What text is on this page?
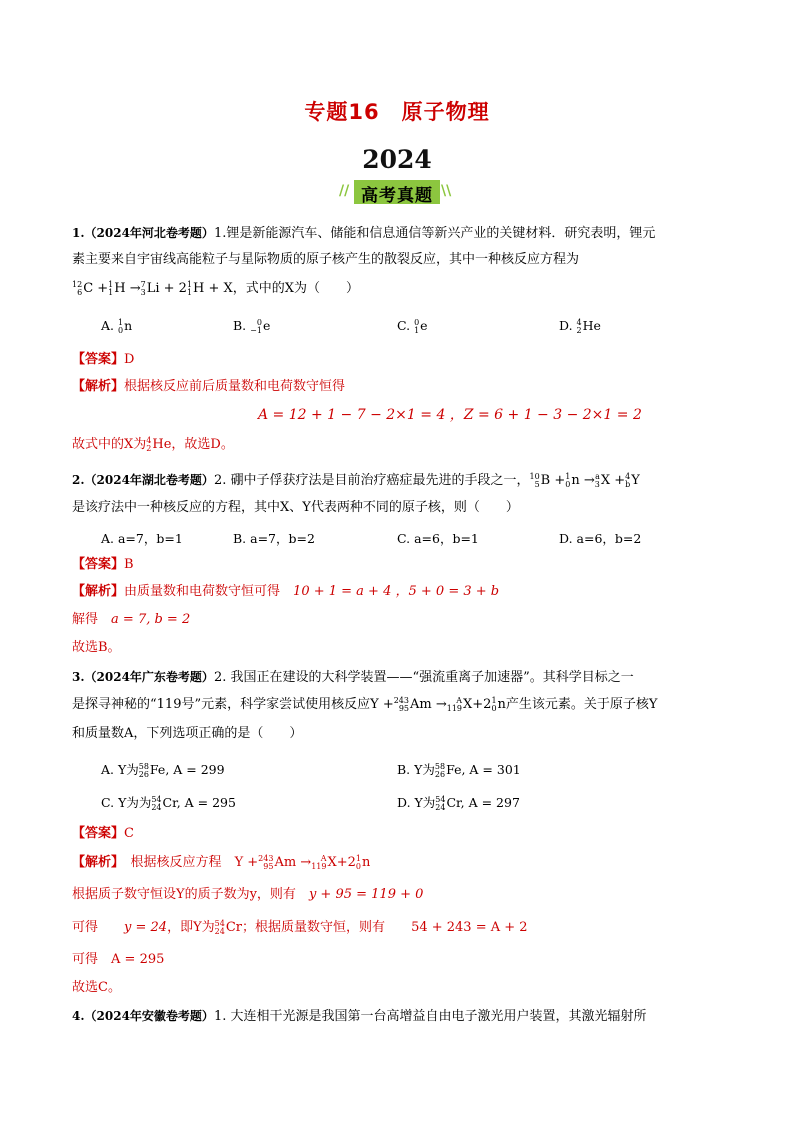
专题16　原子物理
2024
// 高考真题 \\
1.（2024年河北卷考题）1.锂是新能源汽车、储能和信息通信等新兴产业的关键材料．研究表明，锂元
素主要来自宇宙线高能粒子与星际物质的原子核产生的散裂反应，其中一种核反应方程为
12
6 C + 1
1 H → 7
3 Li + 2 1
1 H + X，式中的X为（　　）
A. 1
0 n	B.	0
−1 e	C. 0
1 e	D. 4
2 He
【答案】D
【解析】根据核反应前后质量数和电荷数守恒得
A = 12 + 1 − 7 − 2×1 = 4 ，Z = 6 + 1 − 3 − 2×1 = 2
故式中的X为 4
2 He，故选D。
2.（2024年湖北卷考题）2. 硼中子俘获疗法是目前治疗癌症最先进的手段之一， 10
5 B + 1
0 n → a
3 X + 4
b Y
是该疗法中一种核反应的方程，其中X、Y代表两种不同的原子核，则（　　）
A. a=7，b=1	B. a=7，b=2	C. a=6，b=1	D. a=6，b=2
【答案】B
【解析】由质量数和电荷数守恒可得　 10 + 1 = a + 4 ，5 + 0 = 3 + b
解得　 a = 7, b = 2
故选B。
3.（2024年广东卷考题）2. 我国正在建设的大科学装置——“强流重离子加速器”。其科学目标之一
是探寻神秘的“119号”元素，科学家尝试使用核反应Y + 243
95 Am →	A
119 X+2 1
0 n产生该元素。关于原子核Y
和质量数A，下列选项正确的是（　　）
A. Y为 58
26 Fe, A = 299	B. Y为 58
26 Fe, A = 301
C. Y为为 54
24 Cr, A = 295	D. Y为 54
24 Cr, A = 297
【答案】C
【解析】　 根据核反应方程　 Y + 243
95 Am →	A
119 X+2 1
0 n
根据质子数守恒设Y的质子数为y，则有　 y + 95 = 119 + 0
可得　　 y = 24，即Y为 54
24 Cr；根据质量数守恒，则有　　 54 + 243 = A + 2
可得　 A = 295
故选C。
4.（2024年安徽卷考题）1. 大连相干光源是我国第一台高增益自由电子激光用户装置，其激光辐射所
